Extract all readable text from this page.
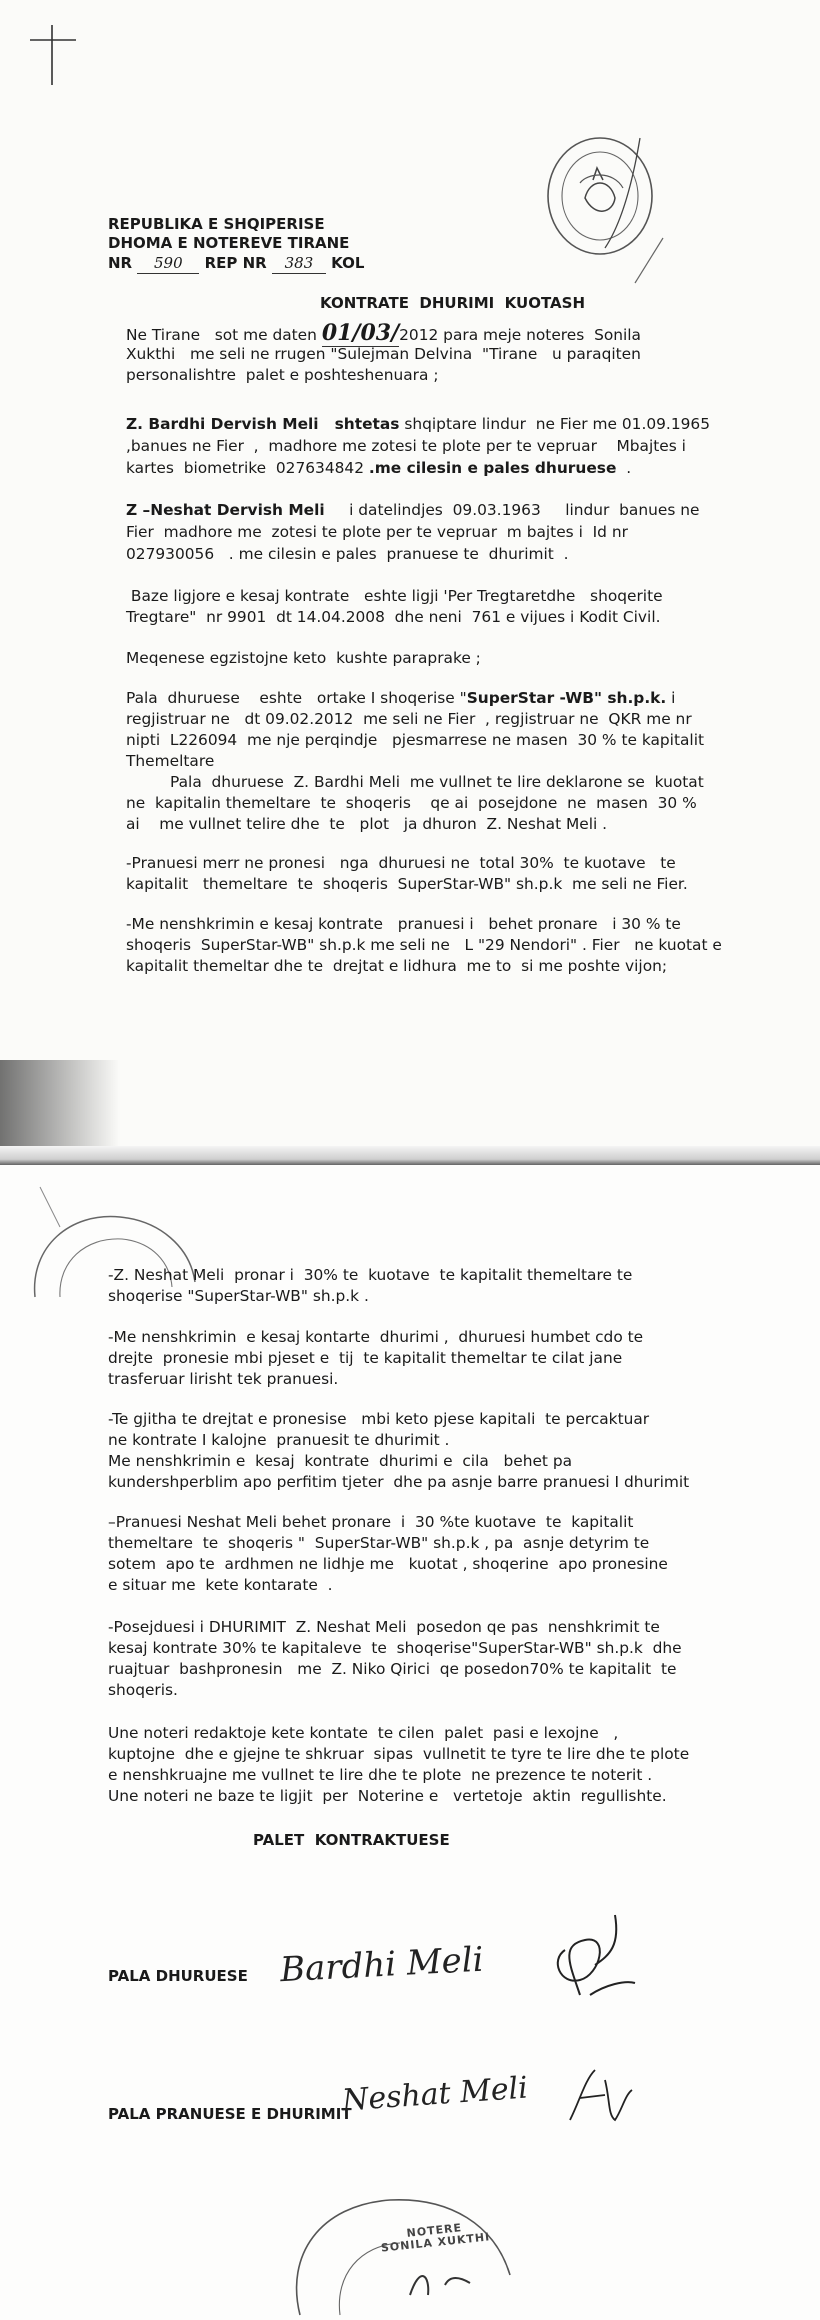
REPUBLIKA E SHQIPERISE
DHOMA E NOTEREVE TIRANE
NR 590 REP NR 383 KOL
KONTRATE  DHURIMI  KUOTASH
Ne Tirane   sot me daten 01/03/2012 para meje noteres  Sonila
Xukthi   me seli ne rrugen "Sulejman Delvina  "Tirane   u paraqiten
personalishtre  palet e poshteshenuara ;
Z. Bardhi Dervish Meli   shtetas shqiptare lindur  ne Fier me 01.09.1965
,banues ne Fier  ,  madhore me zotesi te plote per te vepruar    Mbajtes i
kartes  biometrike  027634842 .me cilesin e pales dhuruese  .
Z –Neshat Dervish Meli     i datelindjes  09.03.1963     lindur  banues ne
Fier  madhore me  zotesi te plote per te vepruar  m bajtes i  Id nr
027930056   . me cilesin e pales  pranuese te  dhurimit  .
Baze ligjore e kesaj kontrate   eshte ligji 'Per Tregtaretdhe   shoqerite
Tregtare"  nr 9901  dt 14.04.2008  dhe neni  761 e vijues i Kodit Civil.
Meqenese egzistojne keto  kushte paraprake ;
Pala  dhuruese    eshte   ortake I shoqerise "SuperStar -WB" sh.p.k. i
regjistruar ne   dt 09.02.2012  me seli ne Fier  , regjistruar ne  QKR me nr
nipti  L226094  me nje perqindje   pjesmarrese ne masen  30 % te kapitalit
Themeltare
Pala  dhuruese  Z. Bardhi Meli  me vullnet te lire deklarone se  kuotat
ne  kapitalin themeltare  te  shoqeris    qe ai  posejdone  ne  masen  30 %
ai    me vullnet telire dhe  te   plot   ja dhuron  Z. Neshat Meli .
-Pranuesi merr ne pronesi   nga  dhuruesi ne  total 30%  te kuotave   te
kapitalit   themeltare  te  shoqeris  SuperStar-WB" sh.p.k  me seli ne Fier.
-Me nenshkrimin e kesaj kontrate   pranuesi i   behet pronare   i 30 % te
shoqeris  SuperStar-WB" sh.p.k me seli ne   L "29 Nendori" . Fier   ne kuotat e
kapitalit themeltar dhe te  drejtat e lidhura  me to  si me poshte vijon;
-Z. Neshat Meli  pronar i  30% te  kuotave  te kapitalit themeltare te
shoqerise "SuperStar-WB" sh.p.k .
-Me nenshkrimin  e kesaj kontarte  dhurimi ,  dhuruesi humbet cdo te
drejte  pronesie mbi pjeset e  tij  te kapitalit themeltar te cilat jane
trasferuar lirisht tek pranuesi.
-Te gjitha te drejtat e pronesise   mbi keto pjese kapitali  te percaktuar
ne kontrate I kalojne  pranuesit te dhurimit .
Me nenshkrimin e  kesaj  kontrate  dhurimi e  cila   behet pa
kundershperblim apo perfitim tjeter  dhe pa asnje barre pranuesi I dhurimit
–Pranuesi Neshat Meli behet pronare  i  30 %te kuotave  te  kapitalit
themeltare  te  shoqeris "  SuperStar-WB" sh.p.k , pa  asnje detyrim te
sotem  apo te  ardhmen ne lidhje me   kuotat , shoqerine  apo pronesine
e situar me  kete kontarate  .
-Posejduesi i DHURIMIT  Z. Neshat Meli  posedon qe pas  nenshkrimit te
kesaj kontrate 30% te kapitaleve  te  shoqerise"SuperStar-WB" sh.p.k  dhe
ruajtuar  bashpronesin   me  Z. Niko Qirici  qe posedon70% te kapitalit  te
shoqeris.
Une noteri redaktoje kete kontate  te cilen  palet  pasi e lexojne   ,
kuptojne  dhe e gjejne te shkruar  sipas  vullnetit te tyre te lire dhe te plote
e nenshkruajne me vullnet te lire dhe te plote  ne prezence te noterit .
Une noteri ne baze te ligjit  per  Noterine e   vertetoje  aktin  regullishte.
PALET  KONTRAKTUESE
PALA DHURUESE Bardhi Meli
PALA PRANUESE E DHURIMIT
Neshat Meli
NOTERE SONILA XUKTHI
